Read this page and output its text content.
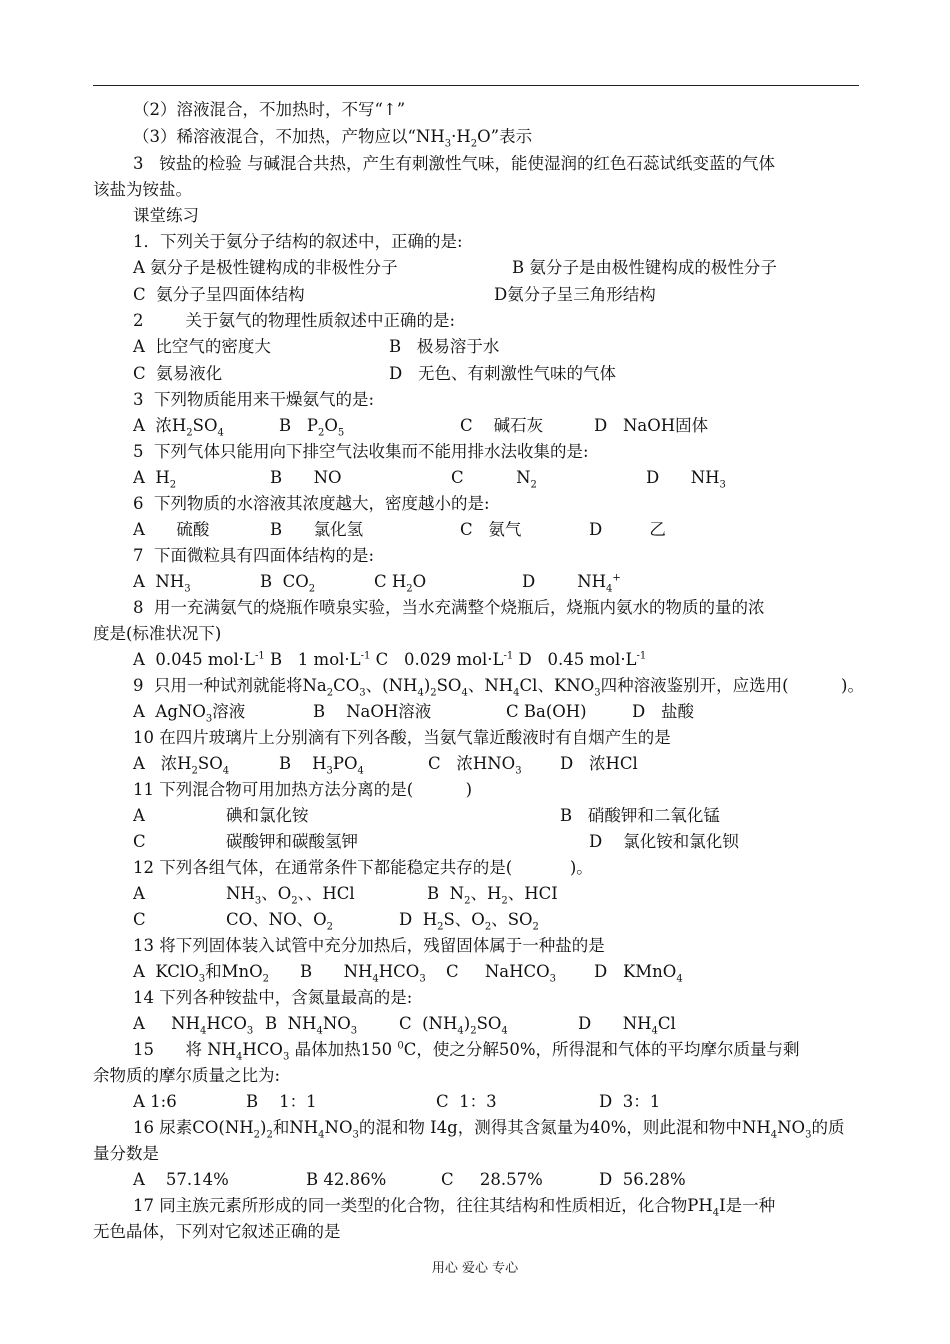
（2）溶液混合，不加热时，不写“↑”
（3）稀溶液混合，不加热，产物应以“$NH_3\cdot H_2O$”表示
3   铵盐的检验 与碱混合共热，产生有刺激性气味，能使湿润的红色石蕊试纸变蓝的气体
该盐为铵盐。
课堂练习
1．下列关于氨分子结构的叙述中，正确的是:
A 氨分子是极性键构成的非极性分子	B 氨分子是由极性键构成的极性分子
C  氨分子呈四面体结构	D氨分子呈三角形结构
2        关于氨气的物理性质叙述中正确的是:
A  比空气的密度大	B   极易溶于水
C  氨易液化	D   无色、有刺激性气味的气体
3  下列物质能用来干燥氨气的是:
A  浓$H_2SO_4$	B   $P_2O_5$	C    碱石灰	D   NaOH固体
5  下列气体只能用向下排空气法收集而不能用排水法收集的是:
A  $H_2$	B      NO	C          $N_2$	D      $NH_3$
6  下列物质的水溶液其浓度越大，密度越小的是:
A      硫酸	B      氯化氢	C   氨气	D         乙
7  下面微粒具有四面体结构的是:
A  $NH_3$	B  $CO_2$	C $H_2O$	D        $NH_4^+$
8  用一充满氨气的烧瓶作喷泉实验，当水充满整个烧瓶后，烧瓶内氨水的物质的量的浓
度是(标准状况下)
A  0.045 $mol\cdot L^{-1}$ B   1 $mol\cdot L^{-1}$ C   0.029 $mol\cdot L^{-1}$ D   0.45 $mol\cdot L^{-1}$
9  只用一种试剂就能将$Na_2CO_3$、$(NH_4)_2SO_4$、$NH_4Cl$、$KNO_3$四种溶液鉴别开，应选用(          )。
A  AgNO$_3$溶液	B    NaOH溶液	C Ba(OH)	D   盐酸
10 在四片玻璃片上分别滴有下列各酸，当氨气靠近酸液时有自烟产生的是
A   浓$H_2SO_4$	B    $H_3PO_4$	C   浓$HNO_3$ D   浓HCl
11 下列混合物可用加热方法分离的是(          )
A	碘和氯化铵	B   硝酸钾和二氧化锰
C	碳酸钾和碳酸氢钾	D    氯化铵和氯化钡
12 下列各组气体，在通常条件下都能稳定共存的是(           )。
A	$NH_3$、$O_2$、、HCl	B  $N_2$、$H_2$、HCI
C	CO、NO、$O_2$	D  $H_2S$、$O_2$、$SO_2$
13 将下列固体装入试管中充分加热后，残留固体属于一种盐的是
A  KClO$_3$和MnO$_2$ B      $NH_4HCO_3$ C     NaHCO$_3$ D   KMnO$_4$
14 下列各种铵盐中，含氮量最高的是:
A     $NH_4HCO_3$ B  $NH_4NO_3$	C  $(NH_4)_2SO_4$	D      $NH_4Cl$
15      将 $NH_4HCO_3$ 晶体加热150 $^0$C，使之分解50%，所得混和气体的平均摩尔质量与剩
余物质的摩尔质量之比为:
A 1:6	B    1：1	C  1：3	D  3：1
16 尿素$CO(NH_2)_2$和$NH_4NO_3$的混和物 I4g，测得其含氮量为40%，则此混和物中$NH_4NO_3$的质
量分数是
A    57.14%	B 42.86%	C     28.57%	D  56.28%
17 同主族元素所形成的同一类型的化合物，往往其结构和性质相近，化合物$PH_4I$是一种
无色晶体，下列对它叙述正确的是
用心 爱心 专心
